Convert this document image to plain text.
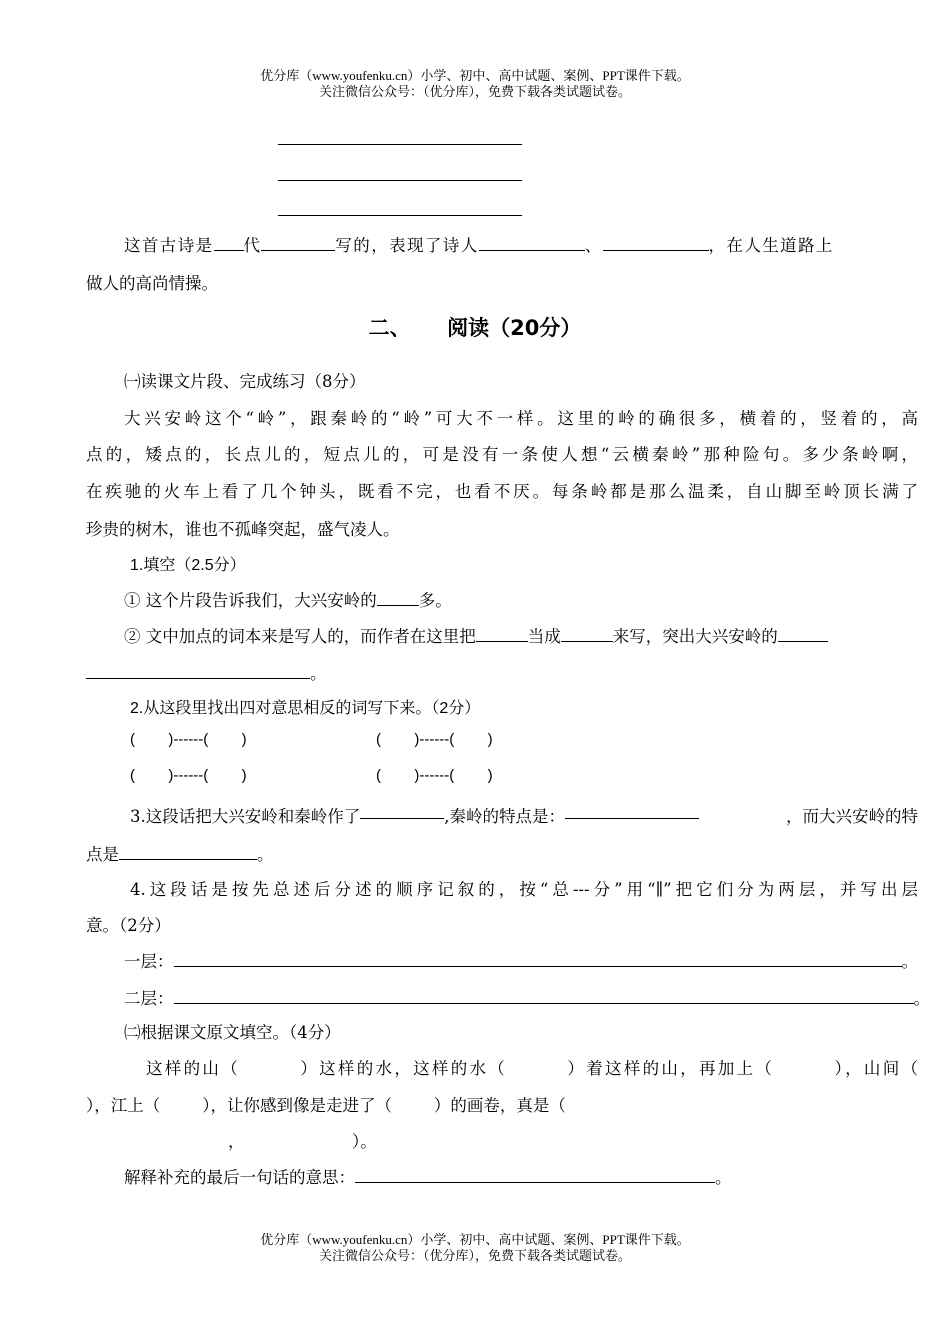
优分库（www.youfenku.cn）小学、初中、高中试题、案例、PPT课件下载。
关注微信公众号：（优分库），免费下载各类试题试卷。
这首古诗是 代	写的，表现了诗人	、	，在人生道路上
做人的高尚情操。
二、     阅读（20分）
㈠读课文片段、完成练习（8分）
大兴安岭这个“岭”，跟秦岭的“岭”可大不一样。这里的岭的确很多，横着的，竖着的，高
点的，矮点的，长点儿的，短点儿的，可是没有一条使人想“云横秦岭”那种险句。多少条岭啊，
在疾驰的火车上看了几个钟头，既看不完，也看不厌。每条岭都是那么温柔，自山脚至岭顶长满了
珍贵的树木，谁也不孤峰突起，盛气凌人。
1.填空（2.5分）
① 这个片段告诉我们，大兴安岭的	多。
② 文中加点的词本来是写人的，而作者在这里把	当成	来写，突出大兴安岭的
。
2.从这段里找出四对意思相反的词写下来。（2分）
(        )------(        )	(        )------(        )
(        )------(        )	(        )------(        )
3.这段话把大兴安岭和秦岭作了	,秦岭的特点是：	，而大兴安岭的特
点是	。
4.这段话是按先总述后分述的顺序记叙的，按“总---分”用“∥”把它们分为两层，并写出层
意。（2分）
一层：	。
二层：	。
㈡根据课文原文填空。（4分）
这样的山（        ）这样的水，这样的水（        ）着这样的山，再加上（        ），山间（
），江上（        ），让你感到像是走进了（        ）的画卷，真是（
，	）。
解释补充的最后一句话的意思：	。
优分库（www.youfenku.cn）小学、初中、高中试题、案例、PPT课件下载。
关注微信公众号：（优分库），免费下载各类试题试卷。
